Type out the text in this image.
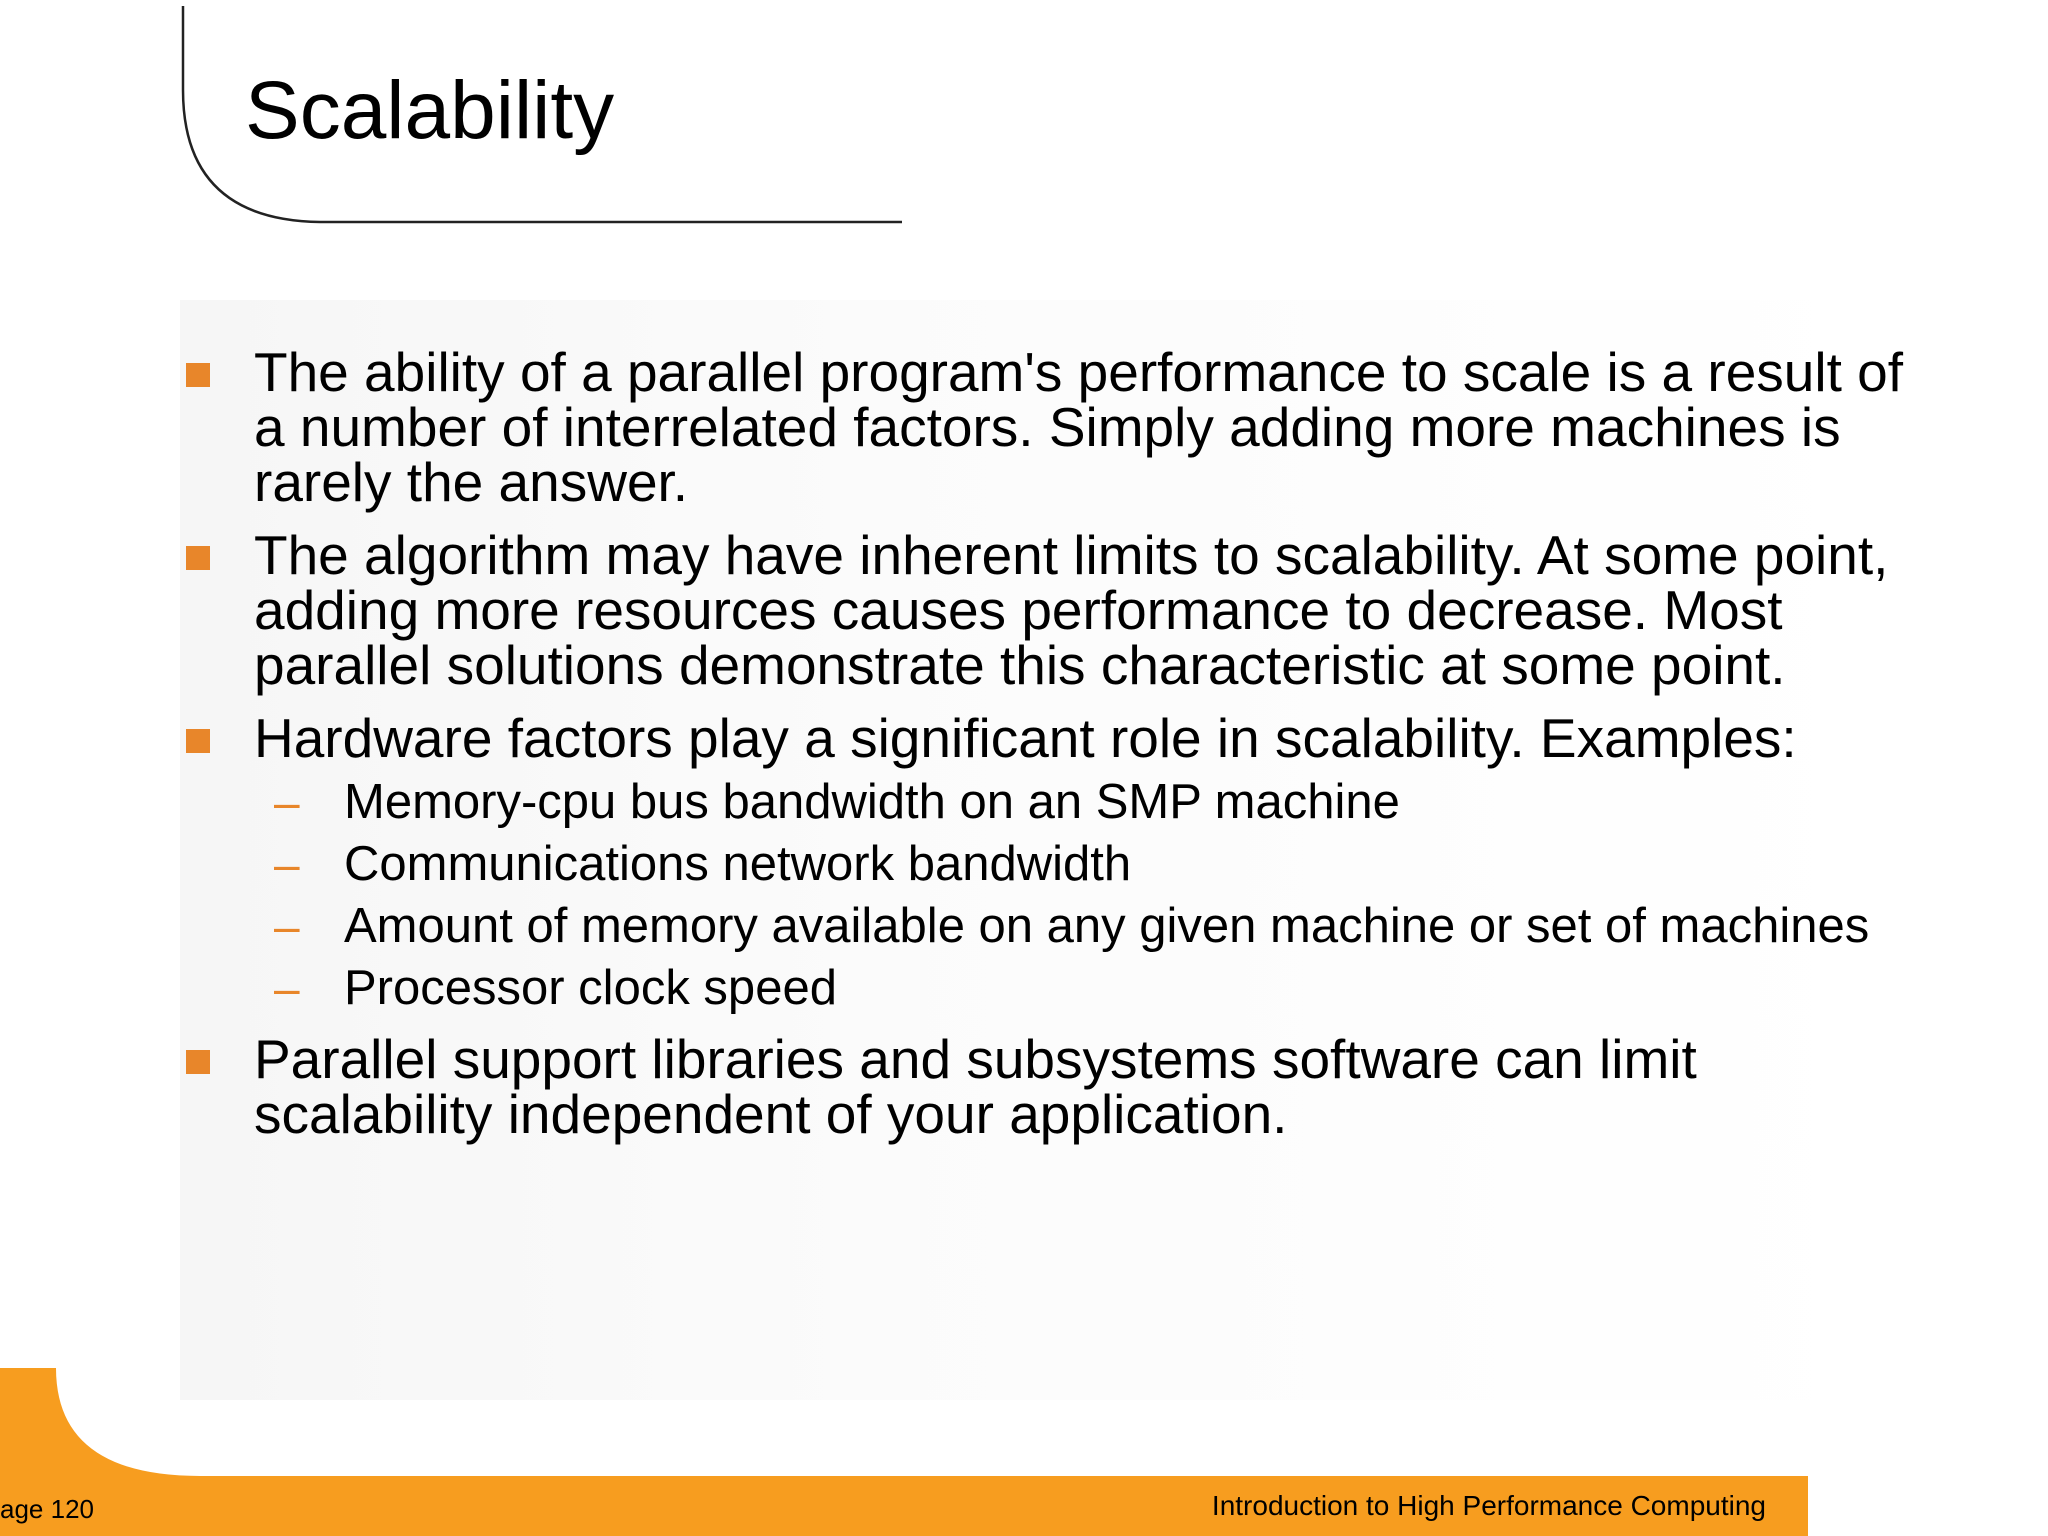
Scalability
The ability of a parallel program's performance to scale is a result of a number of interrelated factors. Simply adding more machines is rarely the answer.
The algorithm may have inherent limits to scalability. At some point, adding more resources causes performance to decrease. Most parallel solutions demonstrate this characteristic at some point.
Hardware factors play a significant role in scalability. Examples:
– Memory-cpu bus bandwidth on an SMP machine
– Communications network bandwidth
– Amount of memory available on any given machine or set of machines
– Processor clock speed
Parallel support libraries and subsystems software can limit scalability independent of your application.
age 120	Introduction to High Performance Computing
